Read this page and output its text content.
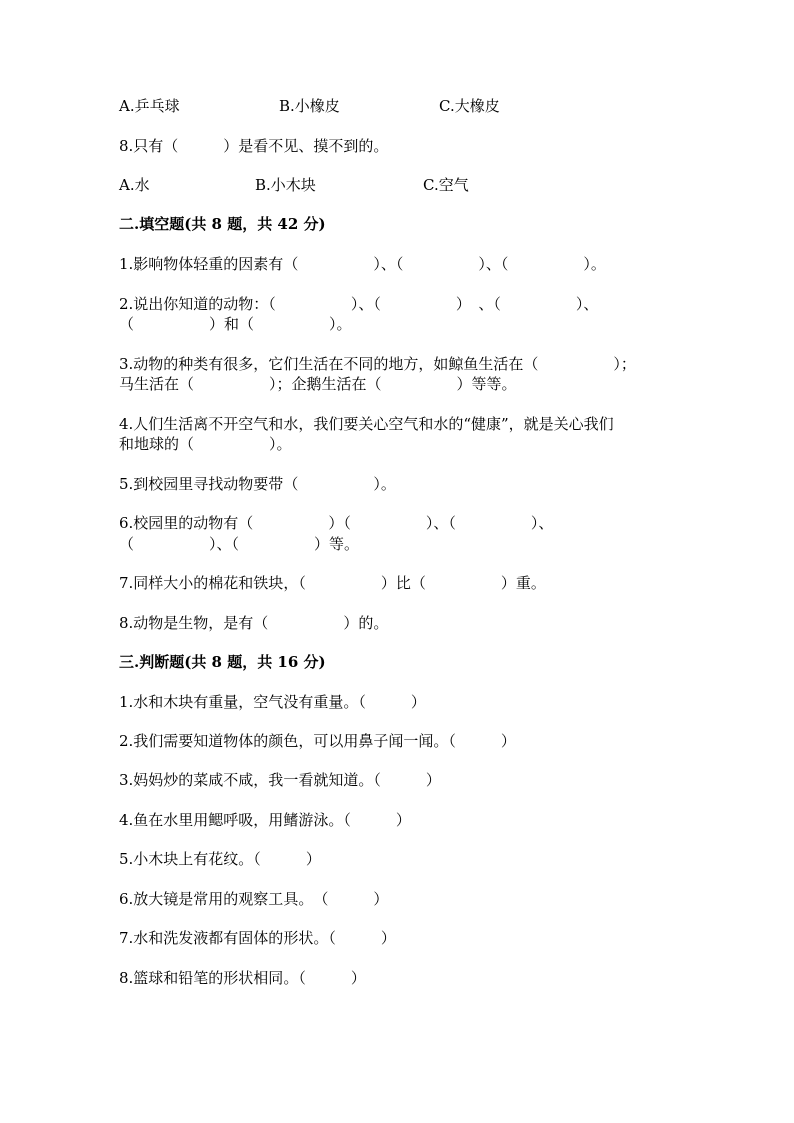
A.乒乓球	B.小橡皮	C.大橡皮
8.只有（　　　）是看不见、摸不到的。
A.水	B.小木块	C.空气
二.填空题(共 8 题，共 42 分)
1.影响物体轻重的因素有（　　　　　）、（　　　　　）、（　　　　　）。
2.说出你知道的动物：（　　　　　）、（　　　　　）　、（　　　　　）、
（　　　　　）和（　　　　　）。
3.动物的种类有很多，它们生活在不同的地方，如鲸鱼生活在（　　　　　）；
马生活在（　　　　　）；企鹅生活在（　　　　　）等等。
4.人们生活离不开空气和水，我们要关心空气和水的“健康”，就是关心我们
和地球的（　　　　　）。
5.到校园里寻找动物要带（　　　　　）。
6.校园里的动物有（　　　　　）（　　　　　）、（　　　　　）、
（　　　　　）、（　　　　　）等。
7.同样大小的棉花和铁块，（　　　　　）比（　　　　　）重。
8.动物是生物，是有（　　　　　）的。
三.判断题(共 8 题，共 16 分)
1.水和木块有重量，空气没有重量。（　　　）
2.我们需要知道物体的颜色，可以用鼻子闻一闻。（　　　）
3.妈妈炒的菜咸不咸，我一看就知道。（　　　）
4.鱼在水里用鳃呼吸，用鳍游泳。（　　　）
5.小木块上有花纹。（　　　）
6.放大镜是常用的观察工具。　（　　　）
7.水和洗发液都有固体的形状。（　　　）
8.篮球和铅笔的形状相同。（　　　）
